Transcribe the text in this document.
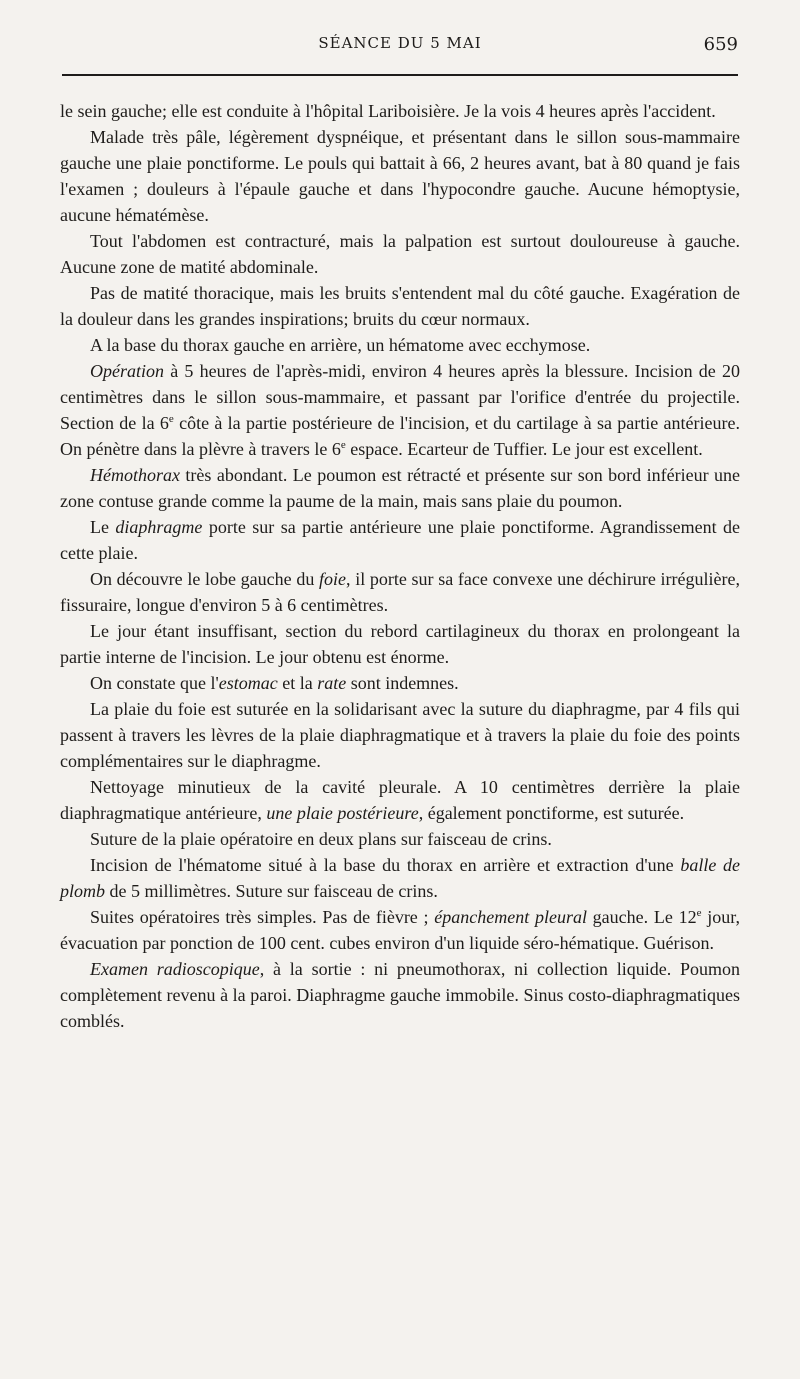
SÉANCE DU 5 MAI	659

le sein gauche; elle est conduite à l'hôpital Lariboisière. Je la vois 4 heures après l'accident.

Malade très pâle, légèrement dyspnéique, et présentant dans le sillon sous-mammaire gauche une plaie ponctiforme. Le pouls qui battait à 66, 2 heures avant, bat à 80 quand je fais l'examen ; douleurs à l'épaule gauche et dans l'hypocondre gauche. Aucune hémoptysie, aucune hématémèse.

Tout l'abdomen est contracturé, mais la palpation est surtout douloureuse à gauche. Aucune zone de matité abdominale.

Pas de matité thoracique, mais les bruits s'entendent mal du côté gauche. Exagération de la douleur dans les grandes inspirations; bruits du cœur normaux.

A la base du thorax gauche en arrière, un hématome avec ecchymose.

Opération à 5 heures de l'après-midi, environ 4 heures après la blessure. Incision de 20 centimètres dans le sillon sous-mammaire, et passant par l'orifice d'entrée du projectile. Section de la 6e côte à la partie postérieure de l'incision, et du cartilage à sa partie antérieure. On pénètre dans la plèvre à travers le 6e espace. Ecarteur de Tuffier. Le jour est excellent.

Hémothorax très abondant. Le poumon est rétracté et présente sur son bord inférieur une zone contuse grande comme la paume de la main, mais sans plaie du poumon.

Le diaphragme porte sur sa partie antérieure une plaie ponctiforme. Agrandissement de cette plaie.

On découvre le lobe gauche du foie, il porte sur sa face convexe une déchirure irrégulière, fissuraire, longue d'environ 5 à 6 centimètres.

Le jour étant insuffisant, section du rebord cartilagineux du thorax en prolongeant la partie interne de l'incision. Le jour obtenu est énorme.

On constate que l'estomac et la rate sont indemnes.

La plaie du foie est suturée en la solidarisant avec la suture du diaphragme, par 4 fils qui passent à travers les lèvres de la plaie diaphragmatique et à travers la plaie du foie des points complémentaires sur le diaphragme.

Nettoyage minutieux de la cavité pleurale. A 10 centimètres derrière la plaie diaphragmatique antérieure, une plaie postérieure, également ponctiforme, est suturée.

Suture de la plaie opératoire en deux plans sur faisceau de crins.

Incision de l'hématome situé à la base du thorax en arrière et extraction d'une balle de plomb de 5 millimètres. Suture sur faisceau de crins.

Suites opératoires très simples. Pas de fièvre ; épanchement pleural gauche. Le 12e jour, évacuation par ponction de 100 cent. cubes environ d'un liquide séro-hématique. Guérison.

Examen radioscopique, à la sortie : ni pneumothorax, ni collection liquide. Poumon complètement revenu à la paroi. Diaphragme gauche immobile. Sinus costo-diaphragmatiques comblés.
